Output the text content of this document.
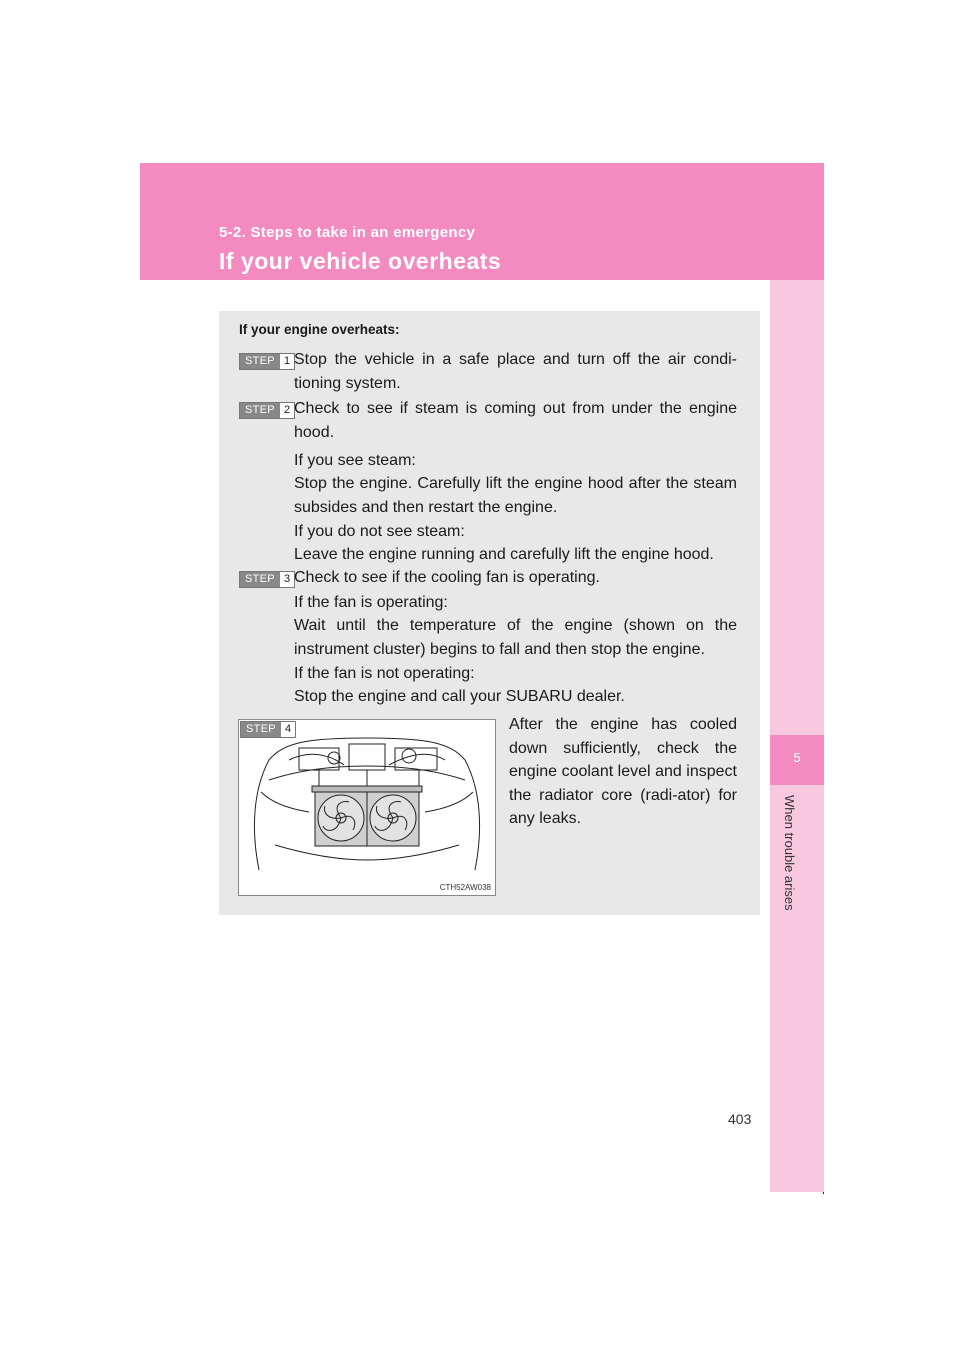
5-2. Steps to take in an emergency
If your vehicle overheats
5
When trouble arises
If your engine overheats:
STEP 1 Stop the vehicle in a safe place and turn off the air condi-tioning system.

STEP 2 Check to see if steam is coming out from under the engine hood.

If you see steam:

Stop the engine. Carefully lift the engine hood after the steam subsides and then restart the engine.

If you do not see steam:

Leave the engine running and carefully lift the engine hood.

STEP 3 Check to see if the cooling fan is operating.

If the fan is operating:

Wait until the temperature of the engine (shown on the instrument cluster) begins to fall and then stop the engine.

If the fan is not operating:

Stop the engine and call your SUBARU dealer.

STEP 4
CTH52AW038

After the engine has cooled down sufficiently, check the engine coolant level and inspect the radiator core (radi-ator) for any leaks.

403
